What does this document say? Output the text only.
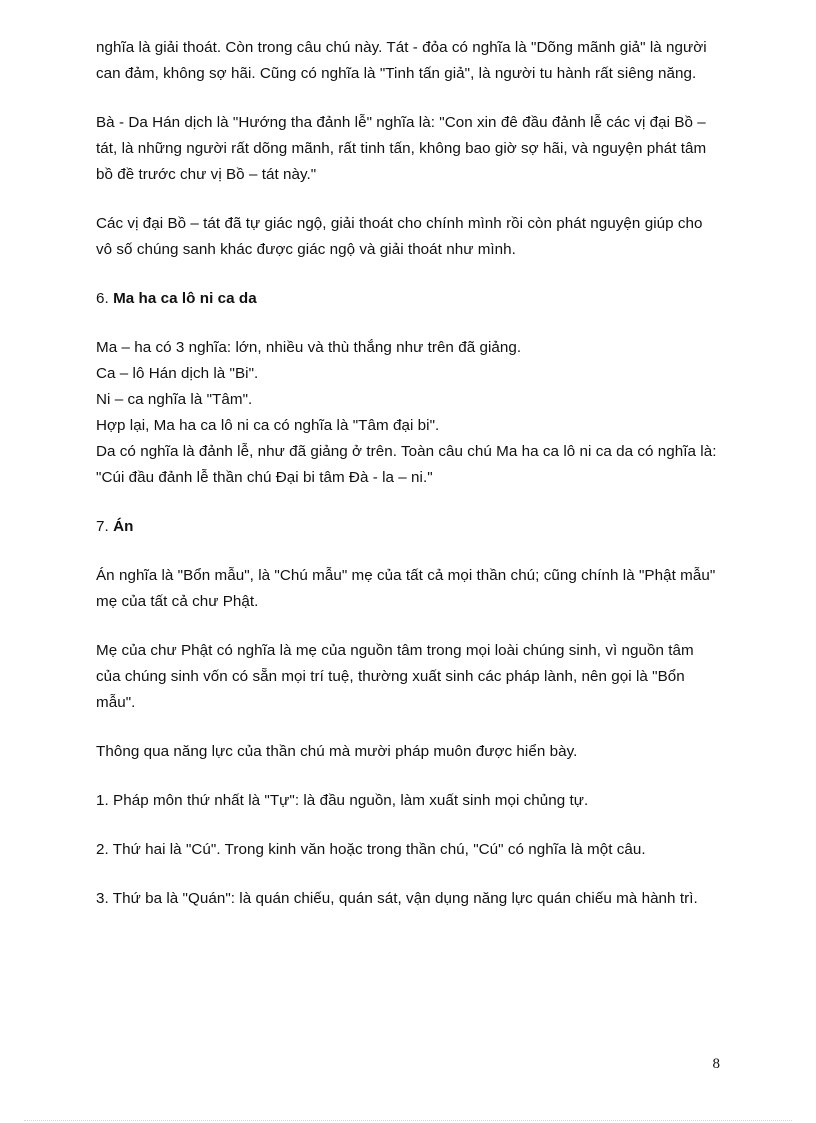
nghĩa là giải thoát. Còn trong câu chú này. Tát - đỏa có nghĩa là "Dõng mãnh giả" là người can đảm, không sợ hãi. Cũng có nghĩa là "Tinh tấn giả", là người tu hành rất siêng năng.

Bà - Da Hán dịch là "Hướng tha đảnh lễ" nghĩa là: "Con xin đê đầu đảnh lễ các vị đại Bồ – tát, là những người rất dõng mãnh, rất tinh tấn, không bao giờ sợ hãi, và nguyện phát tâm bồ đề trước chư vị Bồ – tát này."

Các vị đại Bồ – tát đã tự giác ngộ, giải thoát cho chính mình rồi còn phát nguyện giúp cho vô số chúng sanh khác được giác ngộ và giải thoát như mình.

6. Ma ha ca lô ni ca da

Ma – ha có 3 nghĩa: lớn, nhiều và thù thắng như trên đã giảng.

Ca – lô Hán dịch là "Bi".

Ni – ca nghĩa là "Tâm".

Hợp lại, Ma ha ca lô ni ca có nghĩa là "Tâm đại bi".

Da có nghĩa là đảnh lễ, như đã giảng ở trên. Toàn câu chú Ma ha ca lô ni ca da có nghĩa là: "Cúi đầu đảnh lễ thần chú Đại bi tâm Đà - la – ni."

7. Án

Án nghĩa là "Bổn mẫu", là "Chú mẫu" mẹ của tất cả mọi thần chú; cũng chính là "Phật mẫu" mẹ của tất cả chư Phật.

Mẹ của chư Phật có nghĩa là mẹ của nguồn tâm trong mọi loài chúng sinh, vì nguồn tâm của chúng sinh vốn có sẵn mọi trí tuệ, thường xuất sinh các pháp lành, nên gọi là "Bổn mẫu".

Thông qua năng lực của thần chú mà mười pháp muôn được hiển bày.

1. Pháp môn thứ nhất là "Tự": là đầu nguồn, làm xuất sinh mọi chủng tự.

2. Thứ hai là "Cú". Trong kinh văn hoặc trong thần chú, "Cú" có nghĩa là một câu.

3. Thứ ba là "Quán": là quán chiếu, quán sát, vận dụng năng lực quán chiếu mà hành trì.

8
